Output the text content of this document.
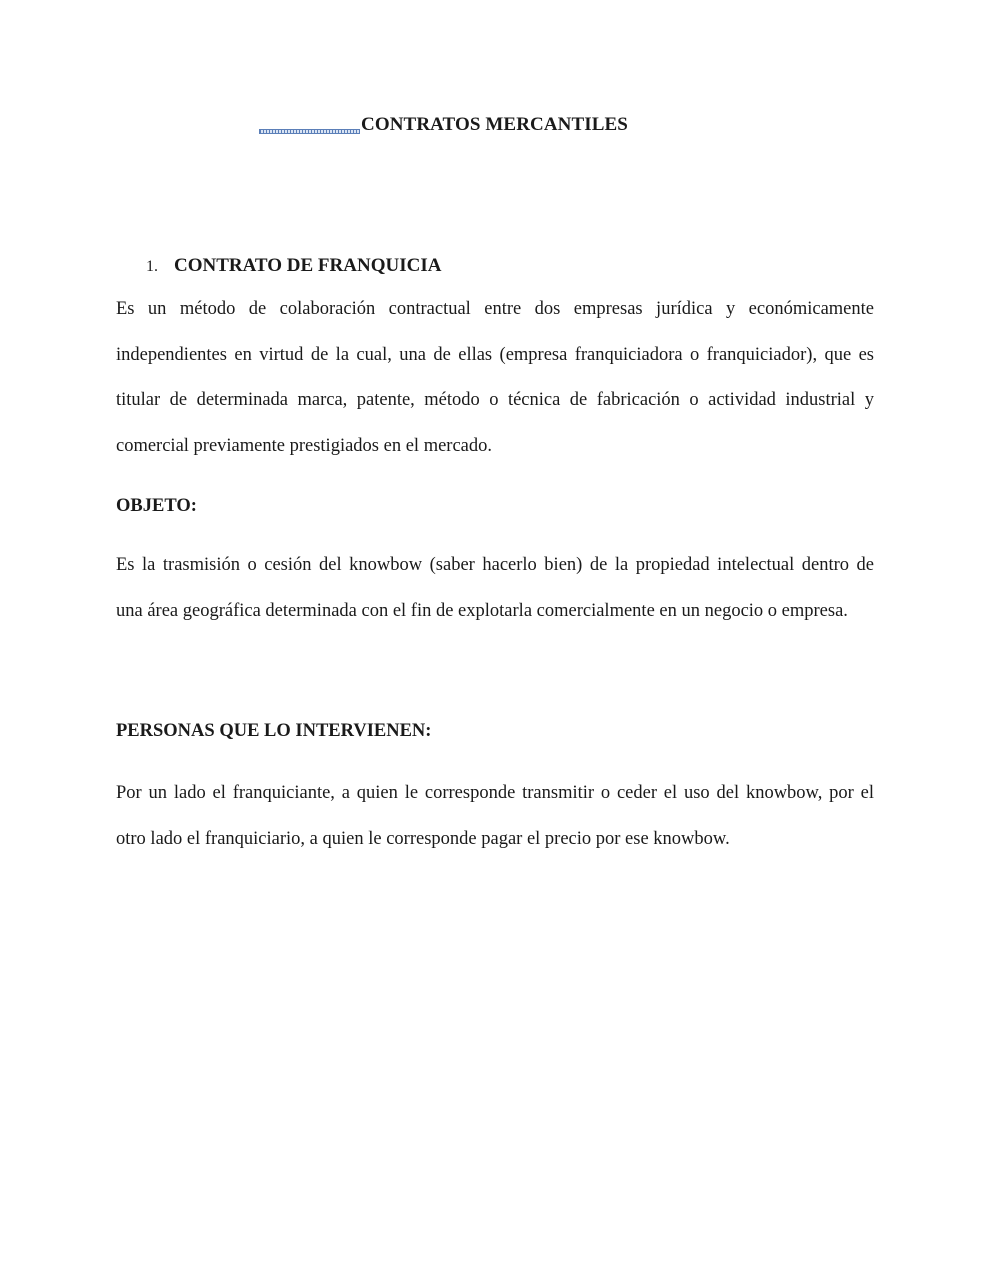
CONTRATOS MERCANTILES
1. CONTRATO DE FRANQUICIA
Es un método de colaboración contractual entre dos empresas jurídica y económicamente
independientes en virtud de la cual, una de ellas (empresa franquiciadora o franquiciador), que es
titular de determinada marca, patente, método o técnica de fabricación o actividad industrial y
comercial previamente prestigiados en el mercado.
OBJETO:
Es la trasmisión o cesión del knowbow (saber hacerlo bien) de la propiedad intelectual dentro de
una área geográfica determinada con el fin de explotarla comercialmente en un negocio o empresa.
PERSONAS QUE LO INTERVIENEN:
Por un lado el franquiciante, a quien le corresponde transmitir o ceder el uso del knowbow, por el
otro lado el franquiciario, a quien le corresponde pagar el precio por ese knowbow.
